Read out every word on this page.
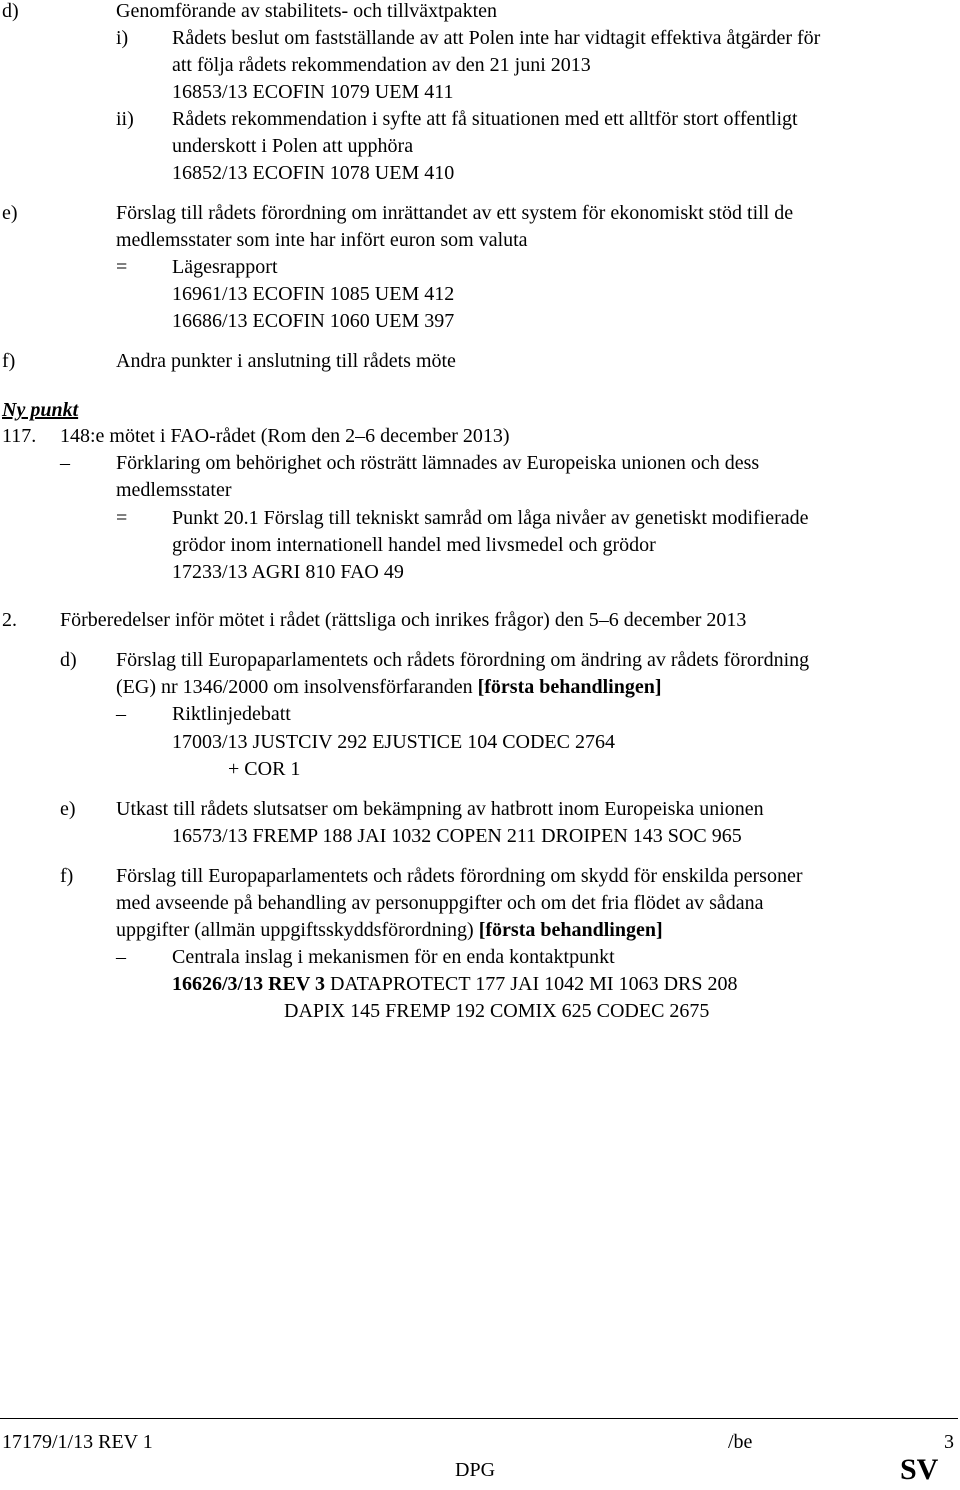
d)	Genomförande av stabilitets- och tillväxtpakten
i) Rådets beslut om fastställande av att Polen inte har vidtagit effektiva åtgärder för
att följa rådets rekommendation av den 21 juni 2013
16853/13 ECOFIN 1079 UEM 411
ii) Rådets rekommendation i syfte att få situationen med ett alltför stort offentligt
underskott i Polen att upphöra
16852/13 ECOFIN 1078 UEM 410
e)	Förslag till rådets förordning om inrättandet av ett system för ekonomiskt stöd till de
medlemsstater som inte har infört euron som valuta
= Lägesrapport
16961/13 ECOFIN 1085 UEM 412
16686/13 ECOFIN 1060 UEM 397
f)	Andra punkter i anslutning till rådets möte
Ny punkt
117. 148:e mötet i FAO-rådet (Rom den 2–6 december 2013)
– Förklaring om behörighet och rösträtt lämnades av Europeiska unionen och dess
medlemsstater
= Punkt 20.1 Förslag till tekniskt samråd om låga nivåer av genetiskt modifierade
grödor inom internationell handel med livsmedel och grödor
17233/13 AGRI 810 FAO 49
2. Förberedelser inför mötet i rådet (rättsliga och inrikes frågor) den 5–6 december 2013
d) Förslag till Europaparlamentets och rådets förordning om ändring av rådets förordning
(EG) nr 1346/2000 om insolvensförfaranden [första behandlingen]
– Riktlinjedebatt
17003/13 JUSTCIV 292 EJUSTICE 104 CODEC 2764
+ COR 1
e) Utkast till rådets slutsatser om bekämpning av hatbrott inom Europeiska unionen
16573/13 FREMP 188 JAI 1032 COPEN 211 DROIPEN 143 SOC 965
f) Förslag till Europaparlamentets och rådets förordning om skydd för enskilda personer
med avseende på behandling av personuppgifter och om det fria flödet av sådana
uppgifter (allmän uppgiftsskyddsförordning) [första behandlingen]
– Centrala inslag i mekanismen för en enda kontaktpunkt
16626/3/13 REV 3 DATAPROTECT 177 JAI 1042 MI 1063 DRS 208
DAPIX 145 FREMP 192 COMIX 625 CODEC 2675
17179/1/13 REV 1	/be	3
DPG	SV
